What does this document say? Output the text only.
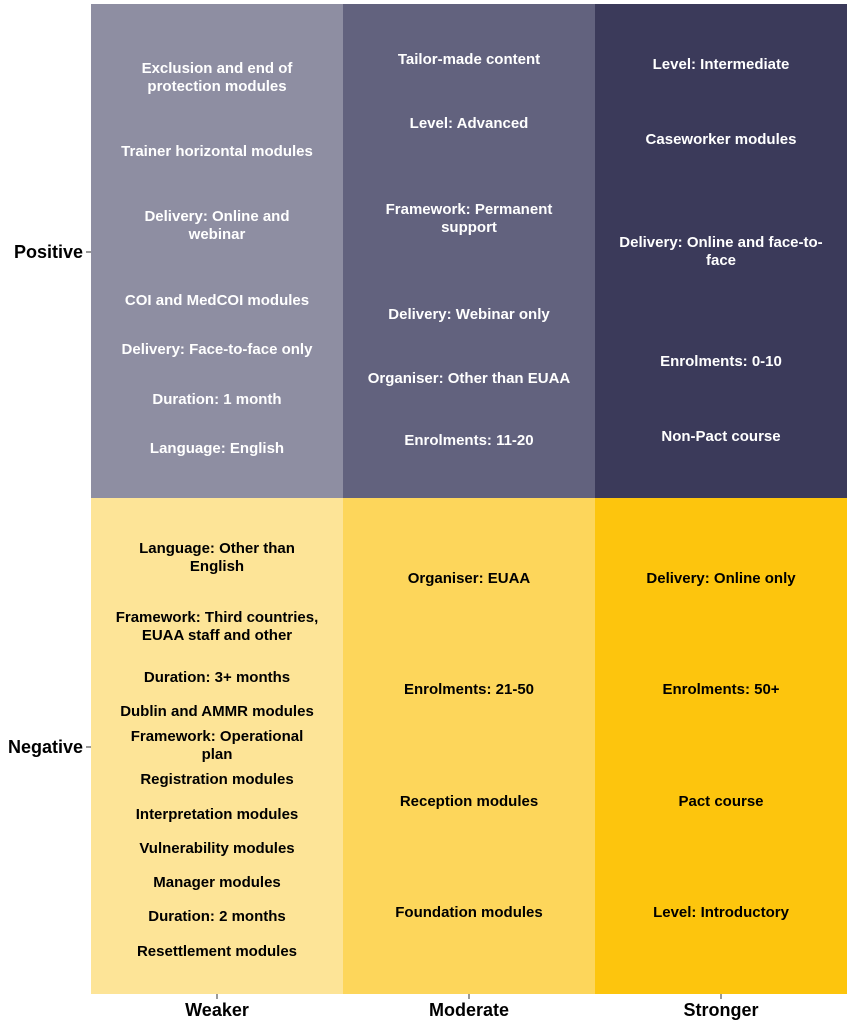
Exclusion and end of protection modules
Trainer horizontal modules
Delivery: Online and webinar
COI and MedCOI modules
Delivery: Face-to-face only
Duration: 1 month
Language: English
Tailor-made content
Level: Advanced
Framework: Permanent support
Delivery: Webinar only
Organiser: Other than EUAA
Enrolments: 11-20
Level: Intermediate
Caseworker modules
Delivery: Online and face-to-face
Enrolments: 0-10
Non-Pact course
Language: Other than English
Framework: Third countries, EUAA staff and other
Duration: 3+ months
Dublin and AMMR modules
Framework: Operational plan
Registration modules
Interpretation modules
Vulnerability modules
Manager modules
Duration: 2 months
Resettlement modules
Organiser: EUAA
Enrolments: 21-50
Reception modules
Foundation modules
Delivery: Online only
Enrolments: 50+
Pact course
Level: Introductory
Weaker	Moderate	Stronger
Positive
Negative
